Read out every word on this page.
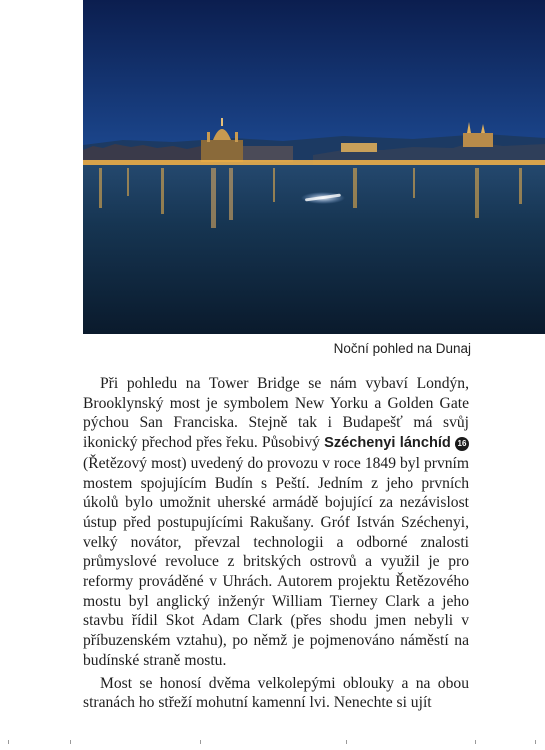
Noční pohled na Dunaj

Při pohledu na Tower Bridge se nám vybaví Londýn, Brooklynský most je symbolem New Yorku a Golden Gate pýchou San Franciska. Stejně tak i Budapešť má svůj ikonický přechod přes řeku. Působivý Széchenyi lánchíd 16 (Řetězový most) uvedený do provozu v roce 1849 byl prvním mostem spojujícím Budín s Peští. Jedním z jeho prvních úkolů bylo umožnit uherské armádě bojující za nezávislost ústup před postupujícími Rakušany. Gróf István Széchenyi, velký novátor, převzal technologii a odborné znalosti průmyslové revoluce z britských ostrovů a využil je pro reformy prováděné v Uhrách. Autorem projektu Řetězového mostu byl anglický inženýr William Tierney Clark a jeho stavbu řídil Skot Adam Clark (přes shodu jmen nebyli v příbuzenském vztahu), po němž je pojmenováno náměstí na budínské straně mostu.

Most se honosí dvěma velkolepými oblouky a na obou stranách ho střeží mohutní kamenní lvi. Nenechte si ujít
